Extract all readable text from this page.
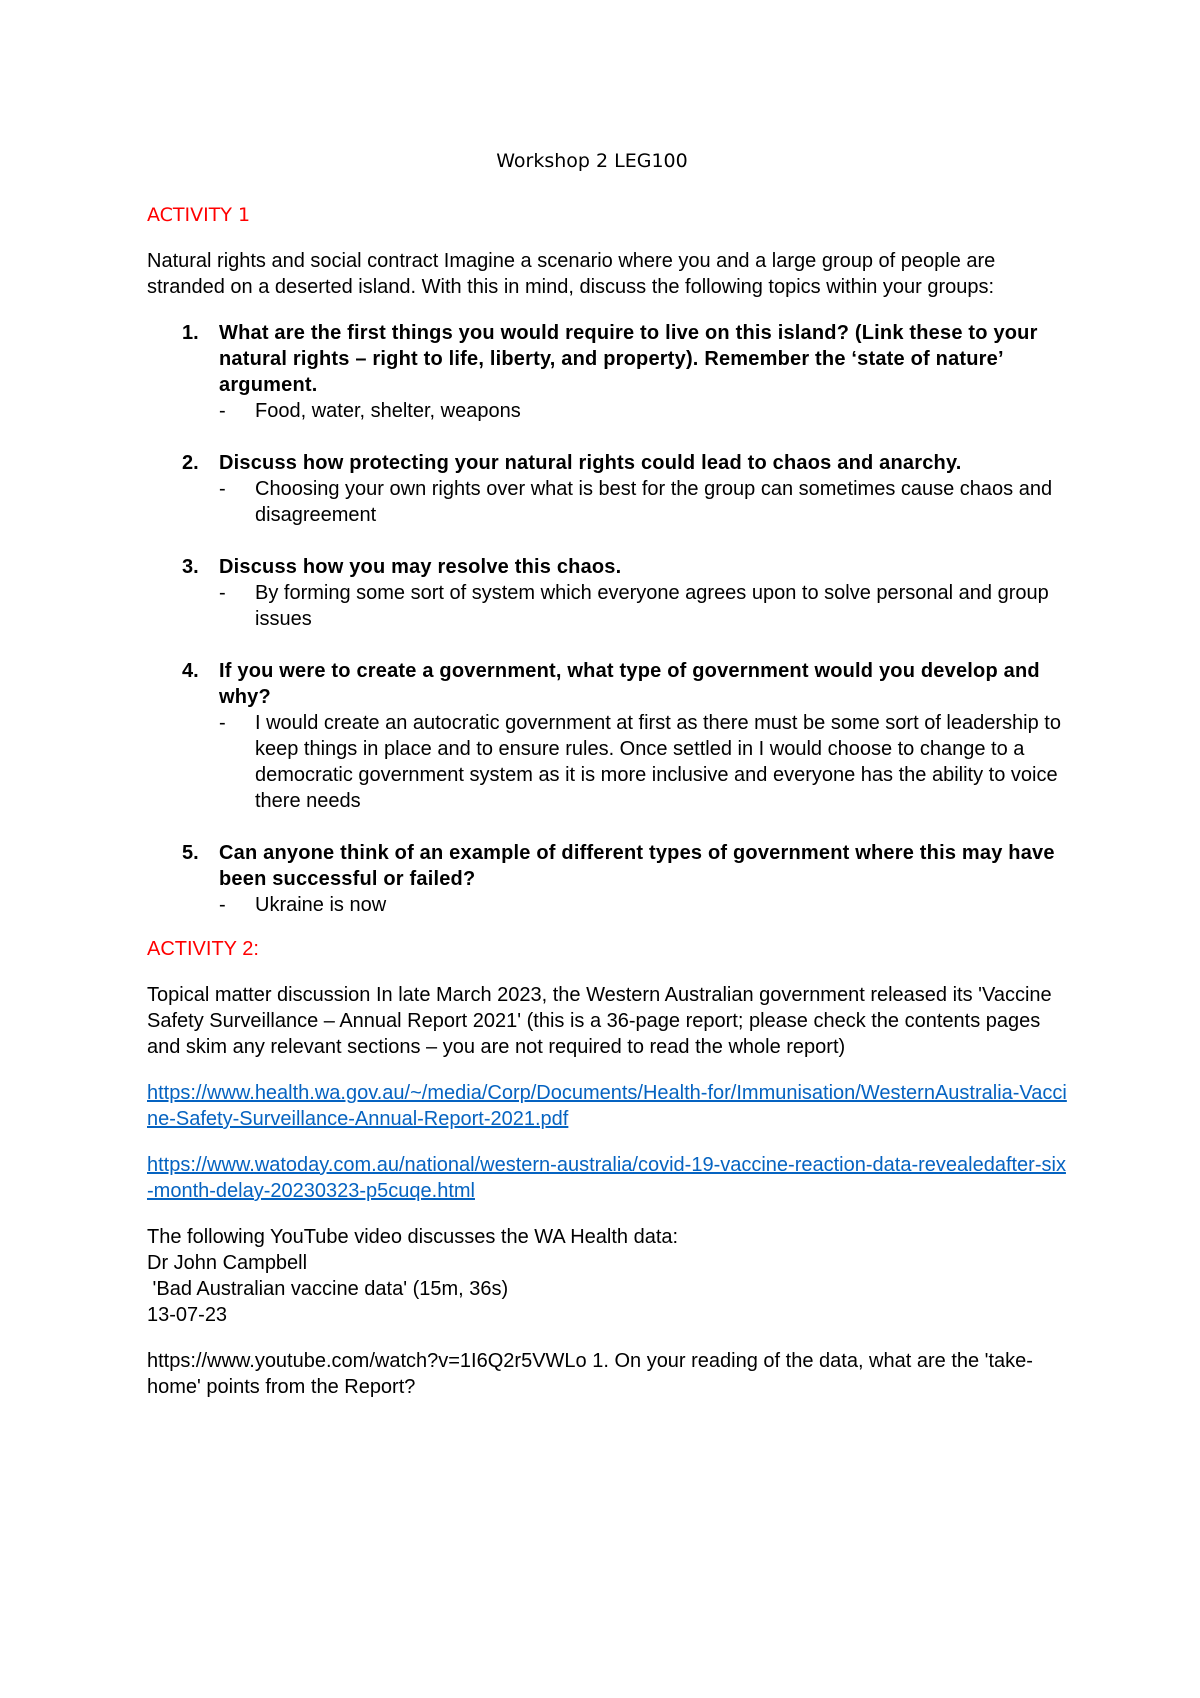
Workshop 2 LEG100
ACTIVITY 1
Natural rights and social contract Imagine a scenario where you and a large group of people are stranded on a deserted island. With this in mind, discuss the following topics within your groups:
1. What are the first things you would require to live on this island? (Link these to your natural rights – right to life, liberty, and property). Remember the ‘state of nature’ argument.
- Food, water, shelter, weapons
2. Discuss how protecting your natural rights could lead to chaos and anarchy.
- Choosing your own rights over what is best for the group can sometimes cause chaos and disagreement
3. Discuss how you may resolve this chaos.
- By forming some sort of system which everyone agrees upon to solve personal and group issues
4. If you were to create a government, what type of government would you develop and why?
- I would create an autocratic government at first as there must be some sort of leadership to keep things in place and to ensure rules. Once settled in I would choose to change to a democratic government system as it is more inclusive and everyone has the ability to voice there needs
5. Can anyone think of an example of different types of government where this may have been successful or failed?
- Ukraine is now
ACTIVITY 2:
Topical matter discussion In late March 2023, the Western Australian government released its 'Vaccine Safety Surveillance – Annual Report 2021' (this is a 36-page report; please check the contents pages and skim any relevant sections – you are not required to read the whole report)
https://www.health.wa.gov.au/~/media/Corp/Documents/Health-for/Immunisation/WesternAustralia-Vaccine-Safety-Surveillance-Annual-Report-2021.pdf
https://www.watoday.com.au/national/western-australia/covid-19-vaccine-reaction-data-revealedafter-six-month-delay-20230323-p5cuqe.html
The following YouTube video discusses the WA Health data:
Dr John Campbell
'Bad Australian vaccine data' (15m, 36s)
13-07-23
https://www.youtube.com/watch?v=1I6Q2r5VWLo 1. On your reading of the data, what are the 'take-home' points from the Report?
